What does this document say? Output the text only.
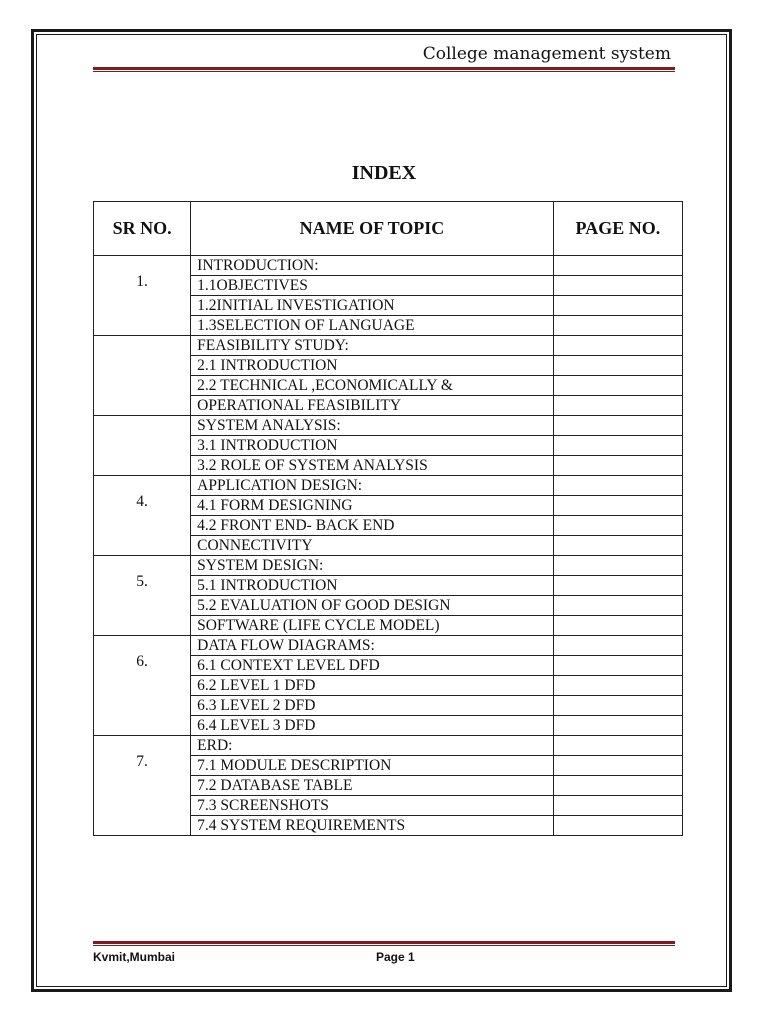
College management system
INDEX
SR NO.	NAME OF TOPIC	PAGE NO.
1.	INTRODUCTION:	
	1.1OBJECTIVES	
	1.2INITIAL INVESTIGATION	
	1.3SELECTION OF LANGUAGE	
	FEASIBILITY STUDY:	
	2.1 INTRODUCTION	
	2.2 TECHNICAL ,ECONOMICALLY &	
	OPERATIONAL FEASIBILITY	
	SYSTEM ANALYSIS:	
	3.1 INTRODUCTION	
	3.2 ROLE OF SYSTEM ANALYSIS	
4.	APPLICATION DESIGN:	
	4.1 FORM DESIGNING	
	4.2 FRONT END- BACK END	
	CONNECTIVITY	
5.	SYSTEM DESIGN:	
	5.1 INTRODUCTION	
	5.2 EVALUATION OF GOOD DESIGN	
	SOFTWARE (LIFE CYCLE MODEL)	
6.	DATA FLOW DIAGRAMS:	
	6.1 CONTEXT LEVEL DFD	
	6.2 LEVEL 1 DFD	
	6.3 LEVEL 2 DFD	
	6.4 LEVEL 3 DFD	
7.	ERD:	
	7.1 MODULE DESCRIPTION	
	7.2 DATABASE TABLE	
	7.3 SCREENSHOTS	
	7.4 SYSTEM REQUIREMENTS	
Kvmit,Mumbai	Page 1
